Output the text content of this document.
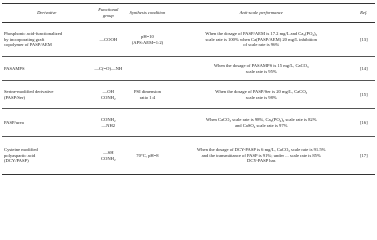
Derivative	Functional group	Synthesis condition	Anti-scale performance	Ref.

Phosphonic acid-functionalized
by incorporating graft
copolymer of PASP/AEM	—COOH	pH=10
(APS:AEM=1:2)	When the dosage of PASP/AEM is 17.2 mg/L and Ca₃(PO₄)₂
scale rate is 100% when Ca(PASP/AEM) 20 mg/L inhibition
of scale rate is 96%	[13]

PASAMPS	—C(=O)—NH		When the dosage of PASAMPS is 15 mg/L, CaCO₃
scale rate is 95%	[14]

Serine-modified derivative
(PASP/Ser)	—OH
CONH₂	PSI dimension
ratio 1:4	When the dosage of PASP/Ser is 20 mg/L, CaCO₃
scale rate is 98%	[15]

PASP/urea	CONH₂
—NH2		When CaCO₃ scale rate is 98%, Ca₃(PO₄)₂ scale rate is 82%
and CaSO₄ scale rate is 97%	[16]

Cysteine modified
polyaspartic acid
(DCY/PASP)	—SH
CONH₂	70°C, pH=8	When the dosage of DCY-PASP is 6 mg/L, CaCO₃ scale rate is 91.5%
and the transmittance of PASP is 91%; under ... scale rate is 85%
DCY-PASP has	[17]
